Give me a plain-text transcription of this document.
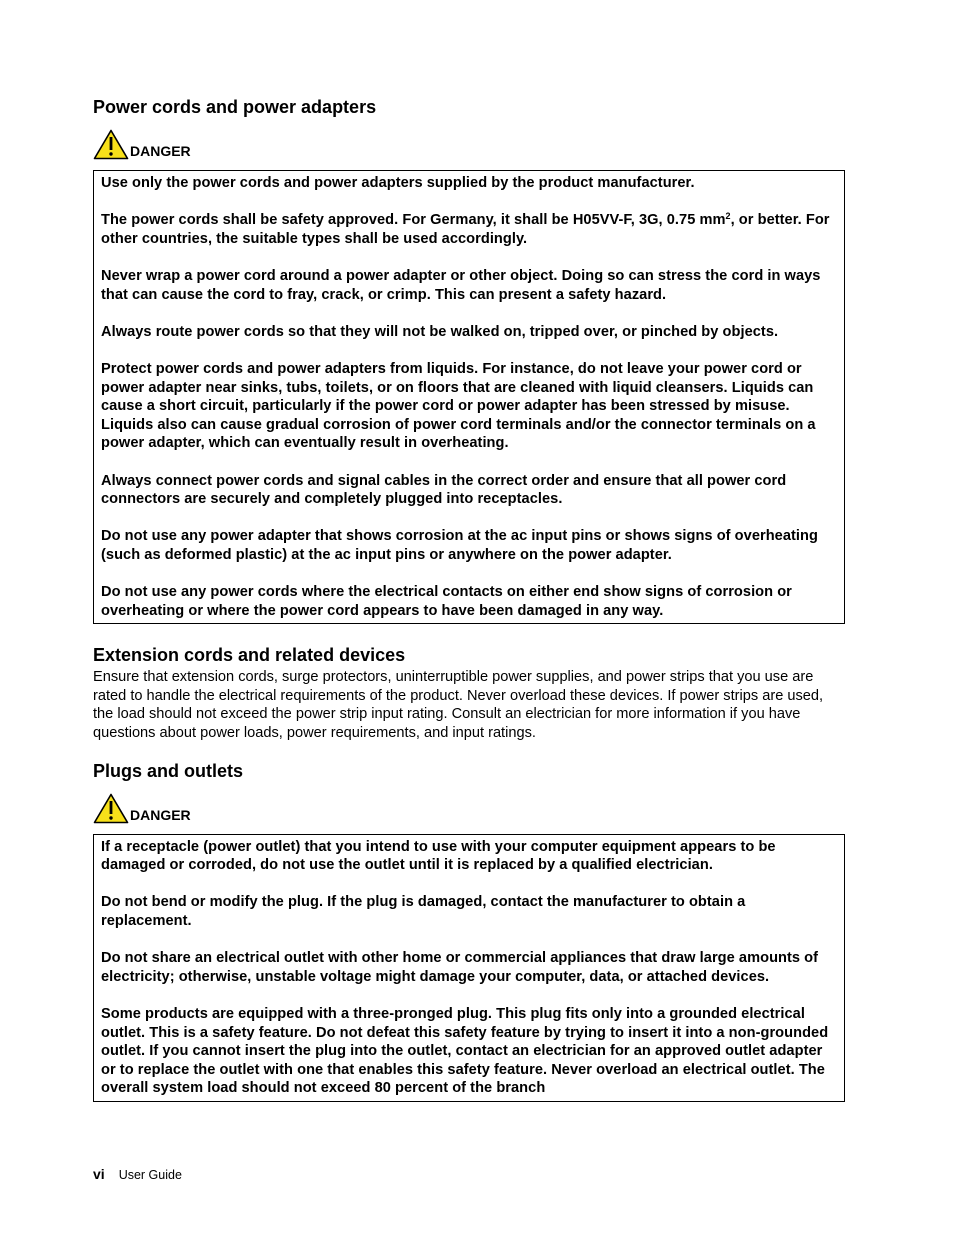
Power cords and power adapters
DANGER

Use only the power cords and power adapters supplied by the product manufacturer.

The power cords shall be safety approved. For Germany, it shall be H05VV-F, 3G, 0.75 $mm^2$, or better. For other countries, the suitable types shall be used accordingly.

Never wrap a power cord around a power adapter or other object. Doing so can stress the cord in ways that can cause the cord to fray, crack, or crimp. This can present a safety hazard.

Always route power cords so that they will not be walked on, tripped over, or pinched by objects.

Protect power cords and power adapters from liquids. For instance, do not leave your power cord or power adapter near sinks, tubs, toilets, or on floors that are cleaned with liquid cleansers. Liquids can cause a short circuit, particularly if the power cord or power adapter has been stressed by misuse. Liquids also can cause gradual corrosion of power cord terminals and/or the connector terminals on a power adapter, which can eventually result in overheating.

Always connect power cords and signal cables in the correct order and ensure that all power cord connectors are securely and completely plugged into receptacles.

Do not use any power adapter that shows corrosion at the ac input pins or shows signs of overheating (such as deformed plastic) at the ac input pins or anywhere on the power adapter.

Do not use any power cords where the electrical contacts on either end show signs of corrosion or overheating or where the power cord appears to have been damaged in any way.

Extension cords and related devices

Ensure that extension cords, surge protectors, uninterruptible power supplies, and power strips that you use are rated to handle the electrical requirements of the product. Never overload these devices. If power strips are used, the load should not exceed the power strip input rating. Consult an electrician for more information if you have questions about power loads, power requirements, and input ratings.

Plugs and outlets
DANGER

If a receptacle (power outlet) that you intend to use with your computer equipment appears to be damaged or corroded, do not use the outlet until it is replaced by a qualified electrician.

Do not bend or modify the plug. If the plug is damaged, contact the manufacturer to obtain a replacement.

Do not share an electrical outlet with other home or commercial appliances that draw large amounts of electricity; otherwise, unstable voltage might damage your computer, data, or attached devices.

Some products are equipped with a three-pronged plug. This plug fits only into a grounded electrical outlet. This is a safety feature. Do not defeat this safety feature by trying to insert it into a non-grounded outlet. If you cannot insert the plug into the outlet, contact an electrician for an approved outlet adapter or to replace the outlet with one that enables this safety feature. Never overload an electrical outlet. The overall system load should not exceed 80 percent of the branch

vi User Guide
